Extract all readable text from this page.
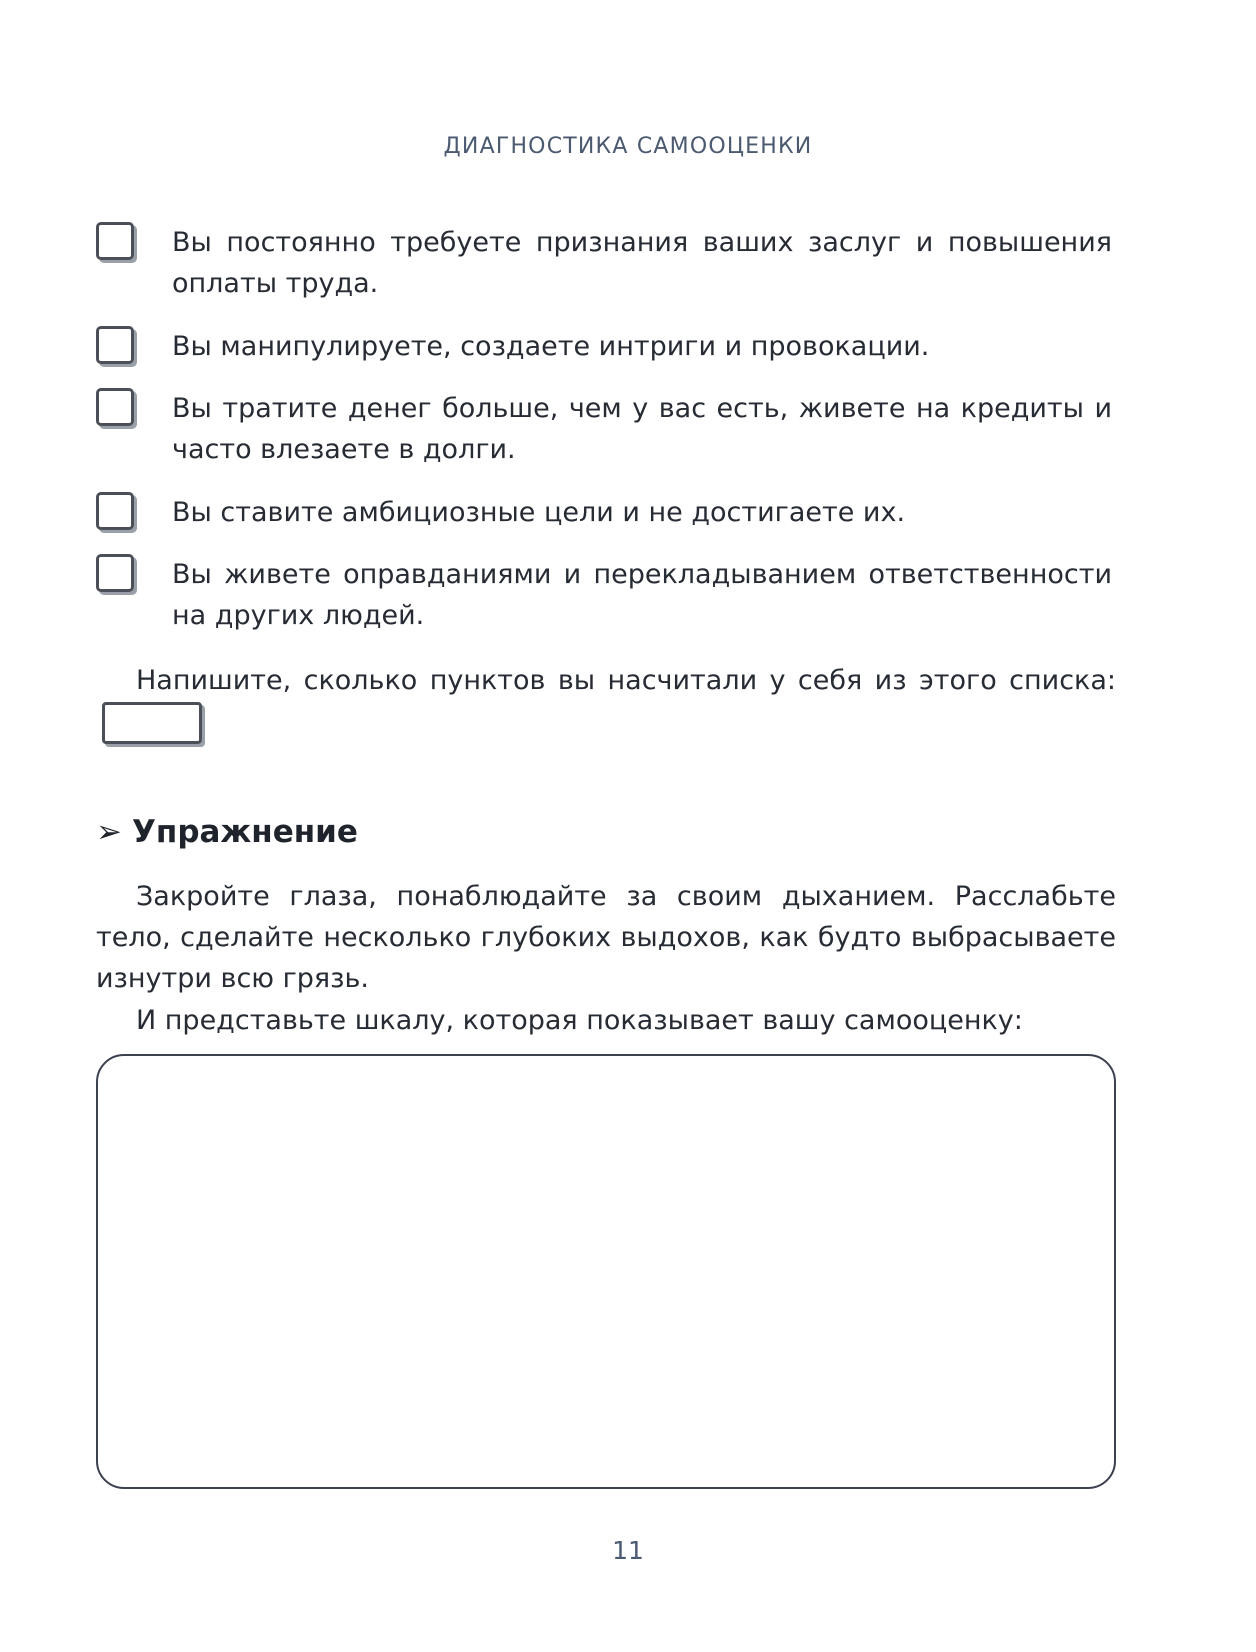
ДИАГНОСТИКА САМООЦЕНКИ
Вы постоянно требуете признания ваших заслуг и повышения оплаты труда.
Вы манипулируете, создаете интриги и провокации.
Вы тратите денег больше, чем у вас есть, живете на кредиты и часто влезаете в долги.
Вы ставите амбициозные цели и не достигаете их.
Вы живете оправданиями и перекладыванием ответственности на других людей.
Напишите, сколько пунктов вы насчитали у себя из этого списка:
➢ Упражнение
Закройте глаза, понаблюдайте за своим дыханием. Расслабьте тело, сделайте несколько глубоких выдохов, как будто выбрасываете изнутри всю грязь.
И представьте шкалу, которая показывает вашу самооценку:
11
